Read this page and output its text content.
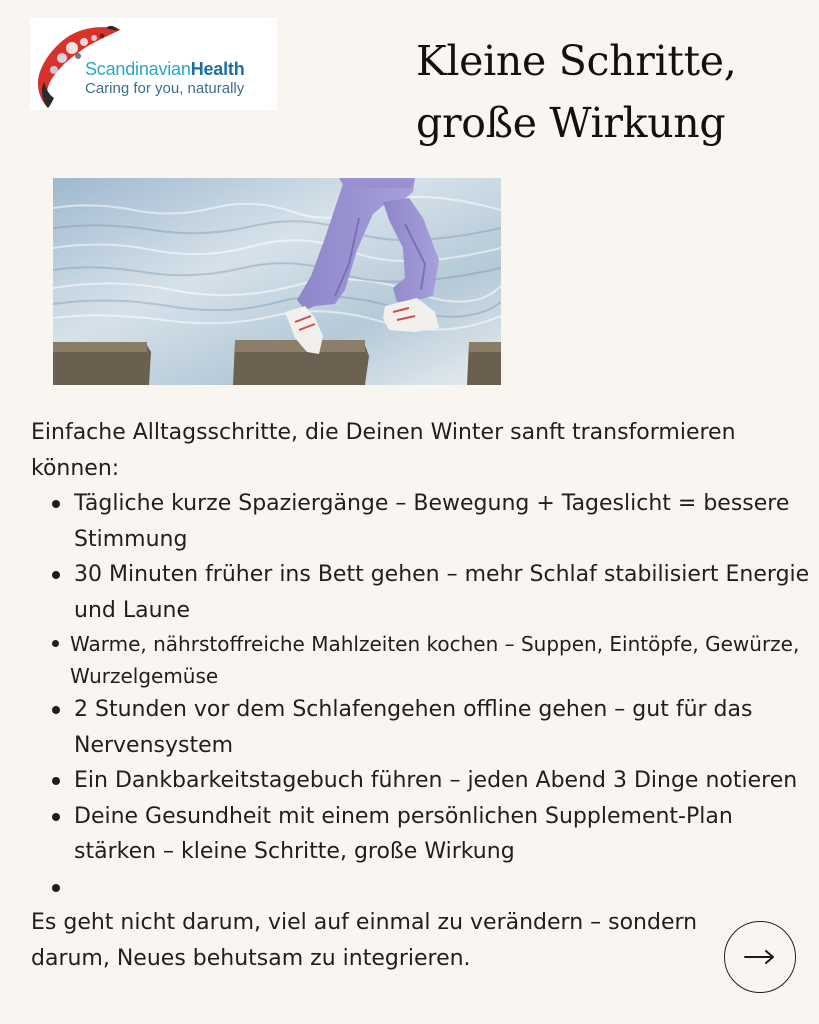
ScandinavianHealth
Caring for you, naturally
Kleine Schritte,
große Wirkung

Einfache Alltagsschritte, die Deinen Winter sanft transformieren können:

Tägliche kurze Spaziergänge – Bewegung + Tageslicht = bessere Stimmung
30 Minuten früher ins Bett gehen – mehr Schlaf stabilisiert Energie und Laune
Warme, nährstoffreiche Mahlzeiten kochen – Suppen, Eintöpfe, Gewürze, Wurzelgemüse
2 Stunden vor dem Schlafengehen offline gehen – gut für das Nervensystem
Ein Dankbarkeitstagebuch führen – jeden Abend 3 Dinge notieren
Deine Gesundheit mit einem persönlichen Supplement-Plan stärken – kleine Schritte, große Wirkung

Es geht nicht darum, viel auf einmal zu verändern – sondern darum, Neues behutsam zu integrieren.
